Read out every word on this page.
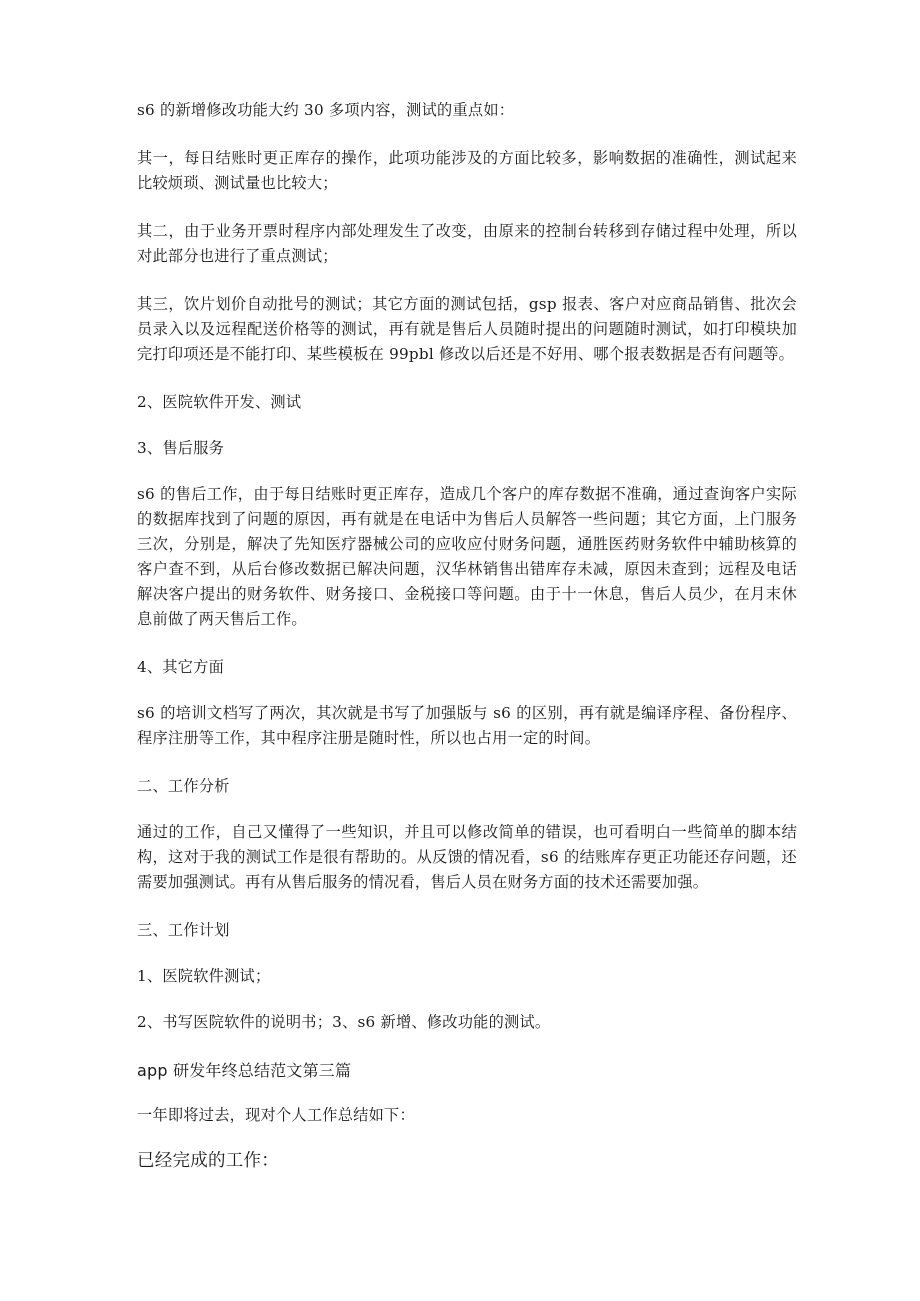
s6 的新增修改功能大约 30 多项内容，测试的重点如：

其一，每日结账时更正库存的操作，此项功能涉及的方面比较多，影响数据的准确性，测试起来比较烦琐、测试量也比较大；

其二，由于业务开票时程序内部处理发生了改变，由原来的控制台转移到存储过程中处理，所以对此部分也进行了重点测试；

其三，饮片划价自动批号的测试；其它方面的测试包括，gsp 报表、客户对应商品销售、批次会员录入以及远程配送价格等的测试，再有就是售后人员随时提出的问题随时测试，如打印模块加完打印项还是不能打印、某些模板在 99pbl 修改以后还是不好用、哪个报表数据是否有问题等。

2、医院软件开发、测试

3、售后服务

s6 的售后工作，由于每日结账时更正库存，造成几个客户的库存数据不准确，通过查询客户实际的数据库找到了问题的原因，再有就是在电话中为售后人员解答一些问题；其它方面，上门服务三次，分别是，解决了先知医疗器械公司的应收应付财务问题，通胜医药财务软件中辅助核算的客户查不到，从后台修改数据已解决问题，汉华林销售出错库存未减，原因未查到；远程及电话解决客户提出的财务软件、财务接口、金税接口等问题。由于十一休息，售后人员少，在月末休息前做了两天售后工作。

4、其它方面

s6 的培训文档写了两次，其次就是书写了加强版与 s6 的区别，再有就是编译序程、备份程序、程序注册等工作，其中程序注册是随时性，所以也占用一定的时间。

二、工作分析

通过的工作，自己又懂得了一些知识，并且可以修改简单的错误，也可看明白一些简单的脚本结构，这对于我的测试工作是很有帮助的。从反馈的情况看，s6 的结账库存更正功能还存问题，还需要加强测试。再有从售后服务的情况看，售后人员在财务方面的技术还需要加强。

三、工作计划

1、医院软件测试；

2、书写医院软件的说明书；3、s6 新增、修改功能的测试。

app 研发年终总结范文第三篇

一年即将过去，现对个人工作总结如下：

已经完成的工作：
